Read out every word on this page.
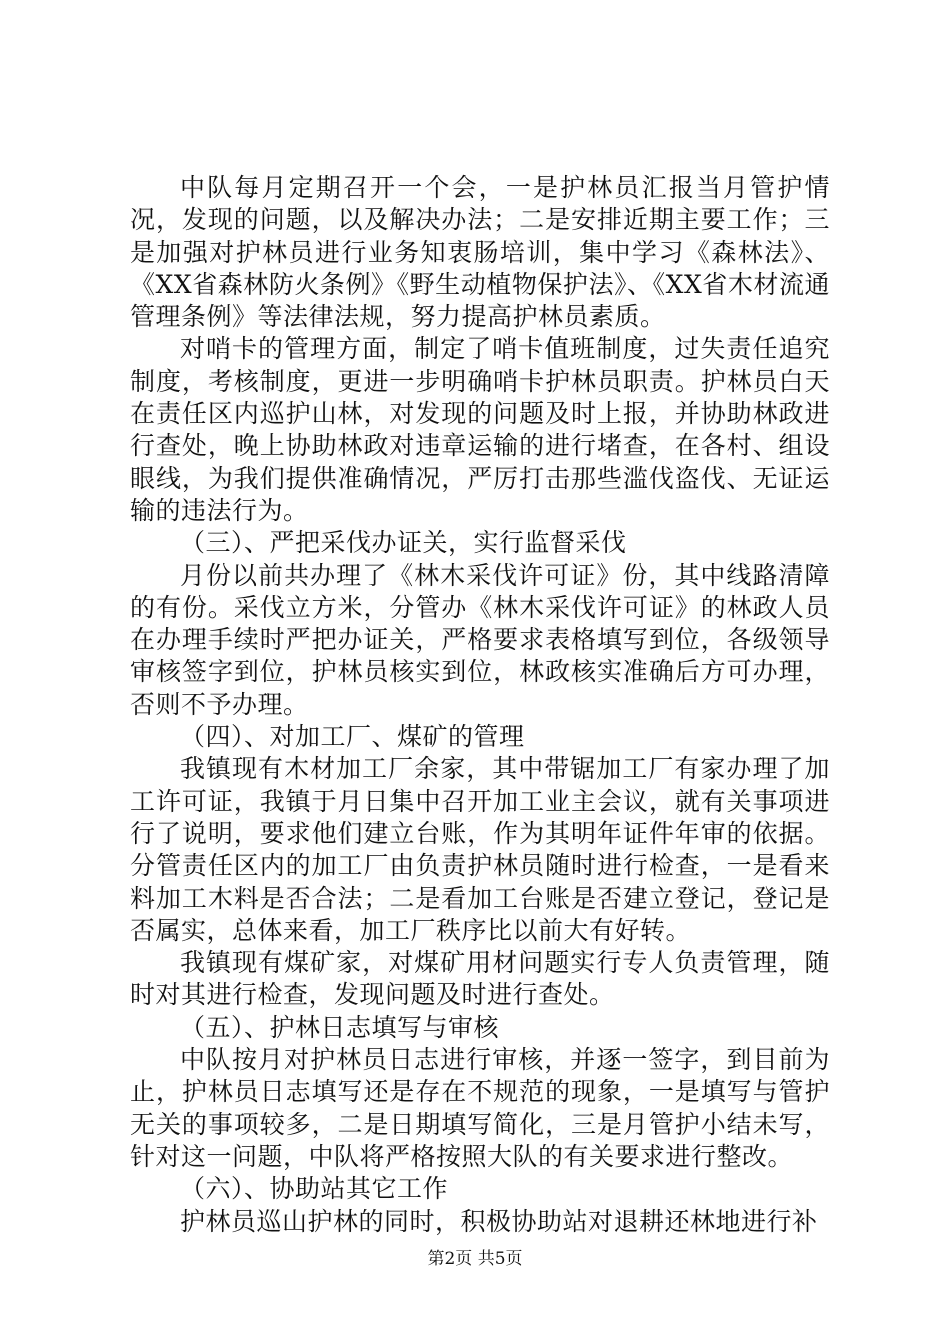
中队每月定期召开一个会，一是护林员汇报当月管护情况，发现的问题，以及解决办法；二是安排近期主要工作；三是加强对护林员进行业务知衷肠培训，集中学习《森林法》、《XX省森林防火条例》《野生动植物保护法》、《XX省木材流通管理条例》等法律法规，努力提高护林员素质。

对哨卡的管理方面，制定了哨卡值班制度，过失责任追究制度，考核制度，更进一步明确哨卡护林员职责。护林员白天在责任区内巡护山林，对发现的问题及时上报，并协助林政进行查处，晚上协助林政对违章运输的进行堵查，在各村、组设眼线，为我们提供准确情况，严厉打击那些滥伐盗伐、无证运输的违法行为。

（三）、严把采伐办证关，实行监督采伐

月份以前共办理了《林木采伐许可证》份，其中线路清障的有份。采伐立方米，分管办《林木采伐许可证》的林政人员在办理手续时严把办证关，严格要求表格填写到位，各级领导审核签字到位，护林员核实到位，林政核实准确后方可办理，否则不予办理。

（四）、对加工厂、煤矿的管理

我镇现有木材加工厂余家，其中带锯加工厂有家办理了加工许可证，我镇于月日集中召开加工业主会议，就有关事项进行了说明，要求他们建立台账，作为其明年证件年审的依据。分管责任区内的加工厂由负责护林员随时进行检查，一是看来料加工木料是否合法；二是看加工台账是否建立登记，登记是否属实，总体来看，加工厂秩序比以前大有好转。

我镇现有煤矿家，对煤矿用材问题实行专人负责管理，随时对其进行检查，发现问题及时进行查处。

（五）、护林日志填写与审核

中队按月对护林员日志进行审核，并逐一签字，到目前为止，护林员日志填写还是存在不规范的现象，一是填写与管护无关的事项较多，二是日期填写简化，三是月管护小结未写，针对这一问题，中队将严格按照大队的有关要求进行整改。

（六）、协助站其它工作

护林员巡山护林的同时，积极协助站对退耕还林地进行补

第2页 共5页
